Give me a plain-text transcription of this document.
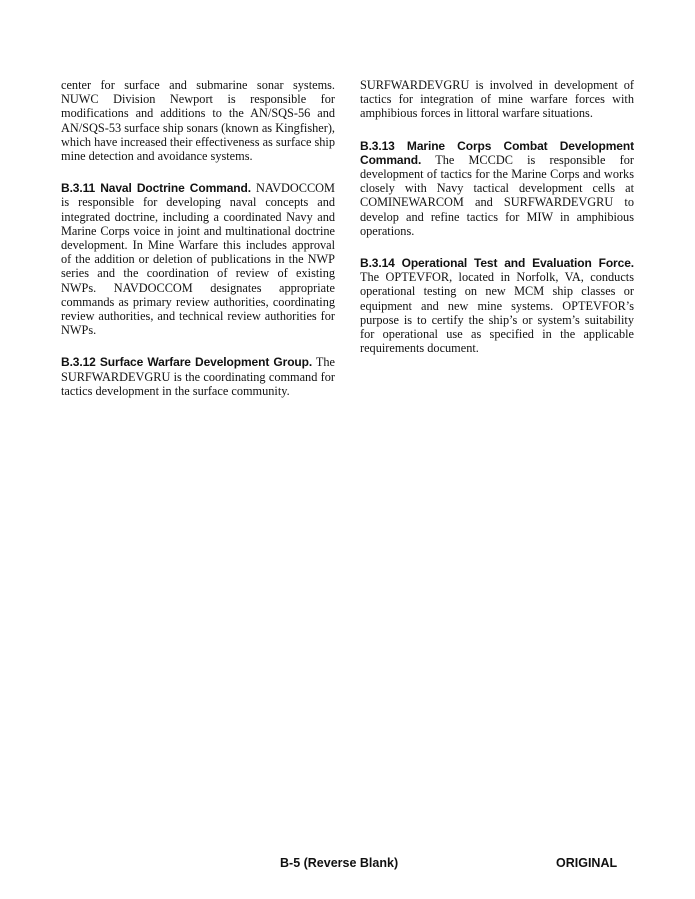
center for surface and submarine sonar systems. NUWC Division Newport is responsible for modifications and additions to the AN/SQS-56 and AN/SQS-53 surface ship sonars (known as Kingfisher), which have increased their effectiveness as surface ship mine detection and avoidance systems.

B.3.11 Naval Doctrine Command. NAVDOCCOM is responsible for developing naval concepts and integrated doctrine, including a coordinated Navy and Marine Corps voice in joint and multinational doctrine development. In Mine Warfare this includes approval of the addition or deletion of publications in the NWP series and the coordination of review of existing NWPs. NAVDOCCOM designates appropriate commands as primary review authorities, coordinating review authorities, and technical review authorities for NWPs.

B.3.12 Surface Warfare Development Group. The SURFWARDEVGRU is the coordinating command for tactics development in the surface community.

SURFWARDEVGRU is involved in development of tactics for integration of mine warfare forces with amphibious forces in littoral warfare situations.

B.3.13 Marine Corps Combat Development Command. The MCCDC is responsible for development of tactics for the Marine Corps and works closely with Navy tactical development cells at COMINEWARCOM and SURFWARDEVGRU to develop and refine tactics for MIW in amphibious operations.

B.3.14 Operational Test and Evaluation Force. The OPTEVFOR, located in Norfolk, VA, conducts operational testing on new MCM ship classes or equipment and new mine systems. OPTEVFOR’s purpose is to certify the ship’s or system’s suitability for operational use as specified in the applicable requirements document.

B-5 (Reverse Blank)	ORIGINAL
